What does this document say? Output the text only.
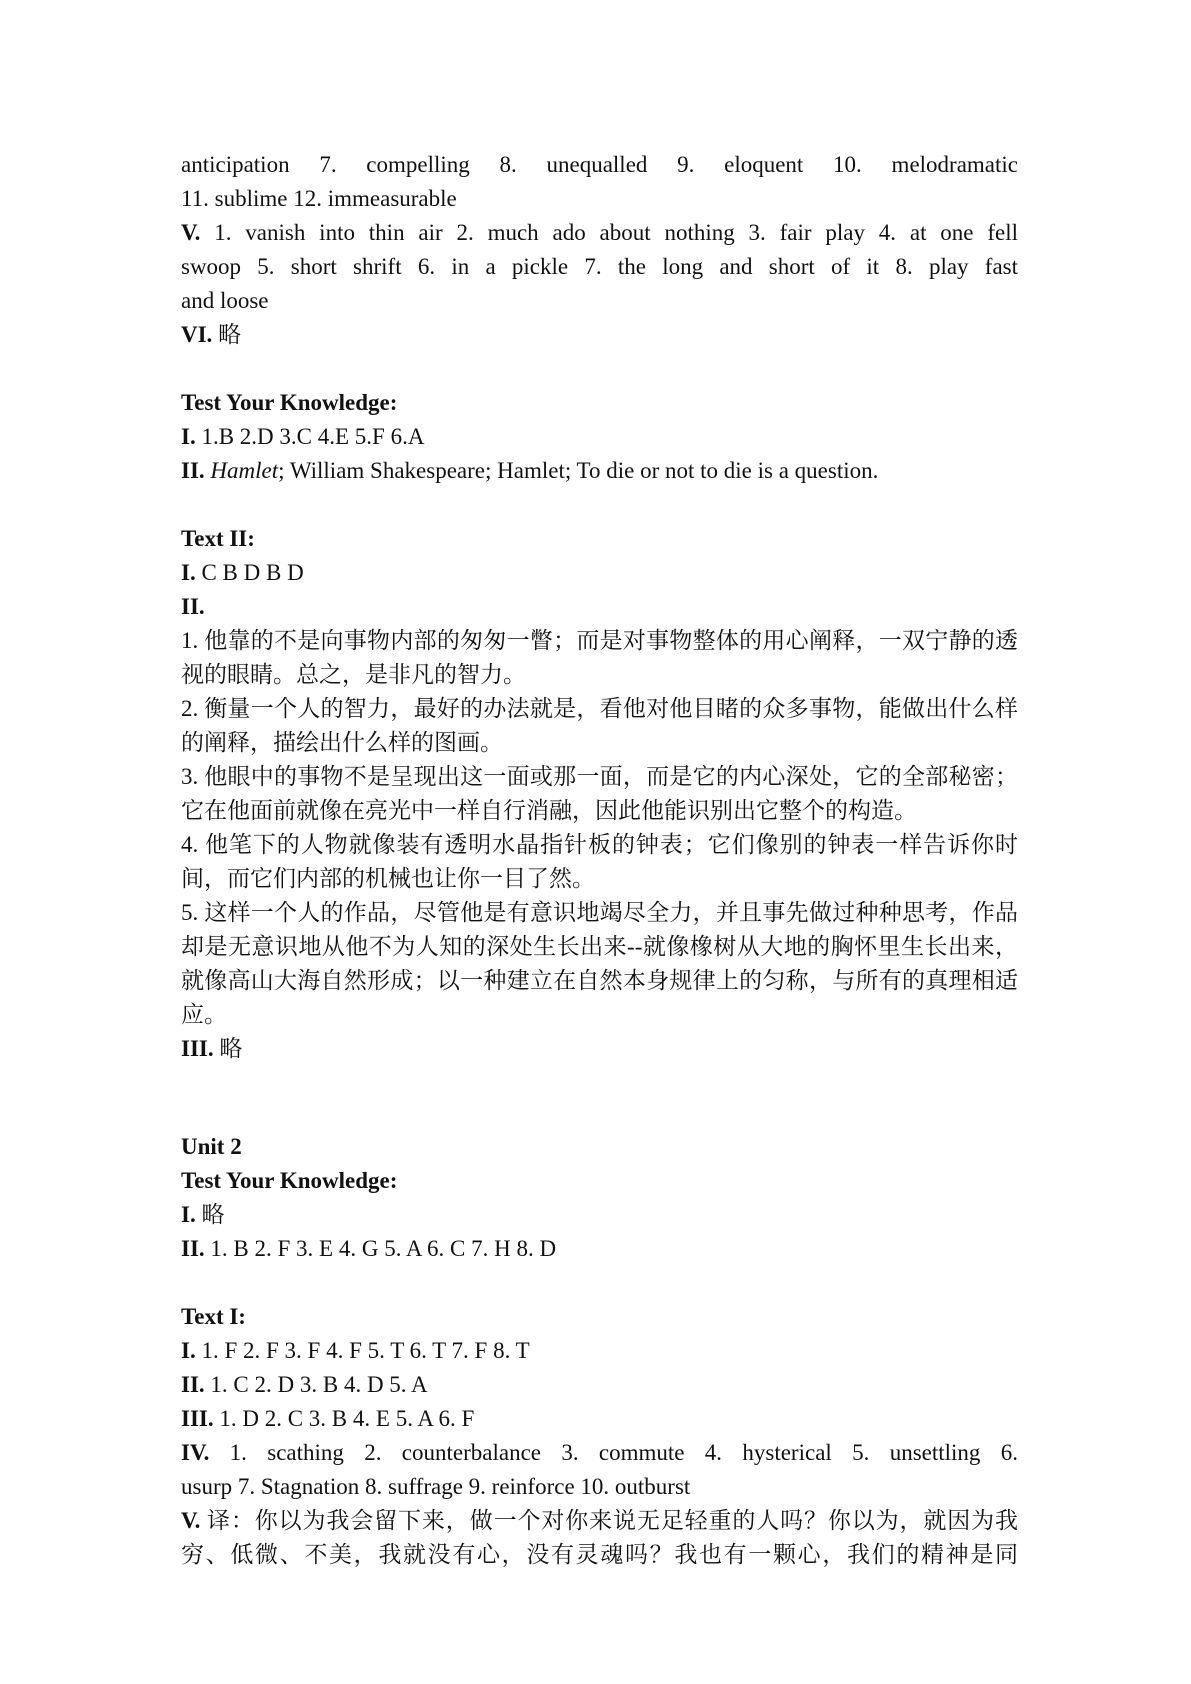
anticipation 7. compelling 8. unequalled 9. eloquent 10. melodramatic
11. sublime 12. immeasurable
V. 1. vanish into thin air 2. much ado about nothing 3. fair play 4. at one fell
swoop 5. short shrift 6. in a pickle 7. the long and short of it 8. play fast
and loose
VI. 略
Test Your Knowledge:
I. 1.B 2.D 3.C 4.E 5.F 6.A
II. Hamlet; William Shakespeare; Hamlet; To die or not to die is a question.
Text II:
I. C B D B D
II.
1. 他靠的不是向事物内部的匆匆一瞥；而是对事物整体的用心阐释，一双宁静的透视的眼睛。总之，是非凡的智力。
2. 衡量一个人的智力，最好的办法就是，看他对他目睹的众多事物，能做出什么样的阐释，描绘出什么样的图画。
3. 他眼中的事物不是呈现出这一面或那一面，而是它的内心深处，它的全部秘密；它在他面前就像在亮光中一样自行消融，因此他能识别出它整个的构造。
4. 他笔下的人物就像装有透明水晶指针板的钟表；它们像别的钟表一样告诉你时间，而它们内部的机械也让你一目了然。
5. 这样一个人的作品，尽管他是有意识地竭尽全力，并且事先做过种种思考，作品却是无意识地从他不为人知的深处生长出来--就像橡树从大地的胸怀里生长出来，就像高山大海自然形成；以一种建立在自然本身规律上的匀称，与所有的真理相适应。
III. 略
Unit 2
Test Your Knowledge:
I. 略
II. 1. B 2. F 3. E 4. G 5. A 6. C 7. H 8. D
Text I:
I. 1. F 2. F 3. F 4. F 5. T 6. T 7. F 8. T
II. 1. C 2. D 3. B 4. D 5. A
III. 1. D 2. C 3. B 4. E 5. A 6. F
IV. 1. scathing 2. counterbalance 3. commute 4. hysterical 5. unsettling 6.
usurp 7. Stagnation 8. suffrage 9. reinforce 10. outburst
V. 译：你以为我会留下来，做一个对你来说无足轻重的人吗？你以为，就因为我穷、低微、不美，我就没有心，没有灵魂吗？我也有一颗心，我们的精神是同
